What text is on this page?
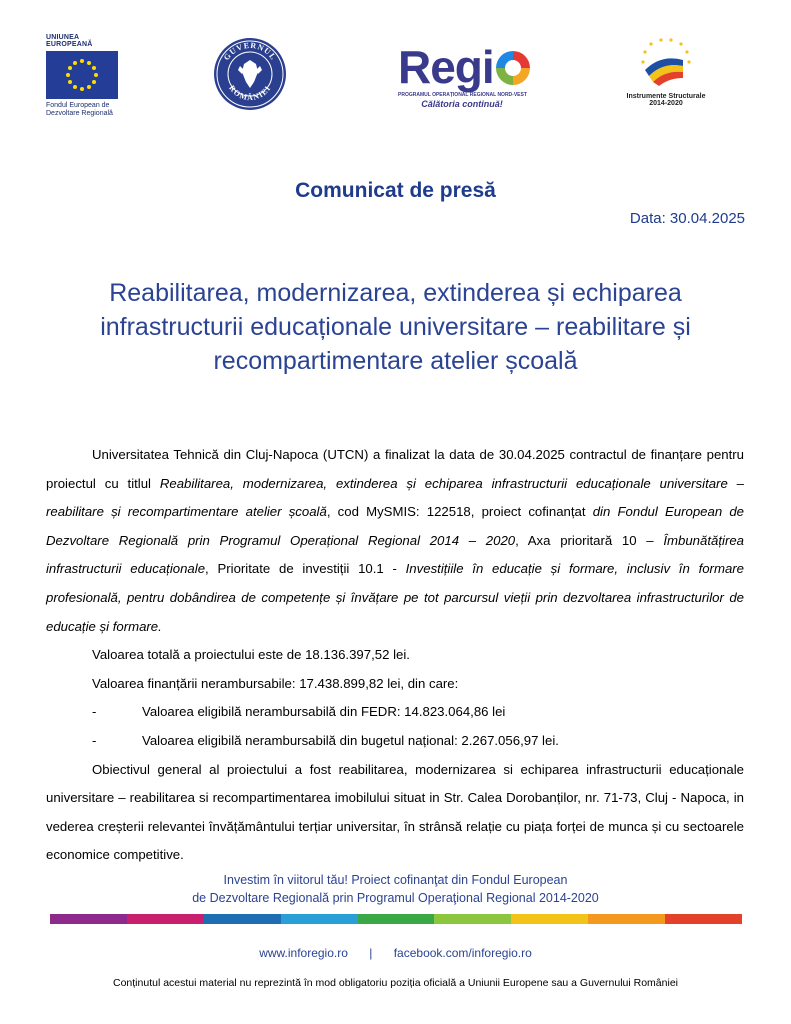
UNIUNEA EUROPEANĂ
Fondul European de
Dezvoltare Regională
GUVERNUL
ROMÂNIEI	Regi
PROGRAMUL OPERAȚIONAL REGIONAL NORD-VEST
Călătoria continuă!
Instrumente Structurale
2014-2020
Comunicat de presă
Data: 30.04.2025
Reabilitarea, modernizarea, extinderea și echiparea
infrastructurii educaționale universitare – reabilitare și
recompartimentare atelier școală

Universitatea Tehnică din Cluj-Napoca (UTCN) a finalizat la data de 30.04.2025 contractul de finanțare pentru proiectul cu titlul Reabilitarea, modernizarea, extinderea și echiparea infrastructurii educaționale universitare – reabilitare și recompartimentare atelier școală, cod MySMIS: 122518, proiect cofinanțat din Fondul European de Dezvoltare Regională prin Programul Operațional Regional 2014 – 2020, Axa prioritară 10 – Îmbunătățirea infrastructurii educaționale, Prioritate de investiții 10.1 - Investițiile în educație și formare, inclusiv în formare profesională, pentru dobândirea de competențe și învățare pe tot parcursul vieții prin dezvoltarea infrastructurilor de educație și formare.

Valoarea totală a proiectului este de 18.136.397,52 lei.

Valoarea finanțării nerambursabile: 17.438.899,82 lei, din care:

-	Valoarea eligibilă nerambursabilă din FEDR: 14.823.064,86 lei
-	Valoarea eligibilă nerambursabilă din bugetul național: 2.267.056,97 lei.

Obiectivul general al proiectului a fost reabilitarea, modernizarea si echiparea infrastructurii educaționale universitare – reabilitarea si recompartimentarea imobilului situat in Str. Calea Dorobanților, nr. 71-73, Cluj - Napoca, in vederea creșterii relevantei învățământului terțiar universitar, în strânsă relație cu piața forței de munca și cu sectoarele economice competitive.

Investim în viitorul tău! Proiect cofinanţat din Fondul European
de Dezvoltare Regională prin Programul Operaţional Regional 2014-2020
www.inforegio.ro | facebook.com/inforegio.ro
Conținutul acestui material nu reprezintă în mod obligatoriu poziția oficială a Uniunii Europene sau a Guvernului României
